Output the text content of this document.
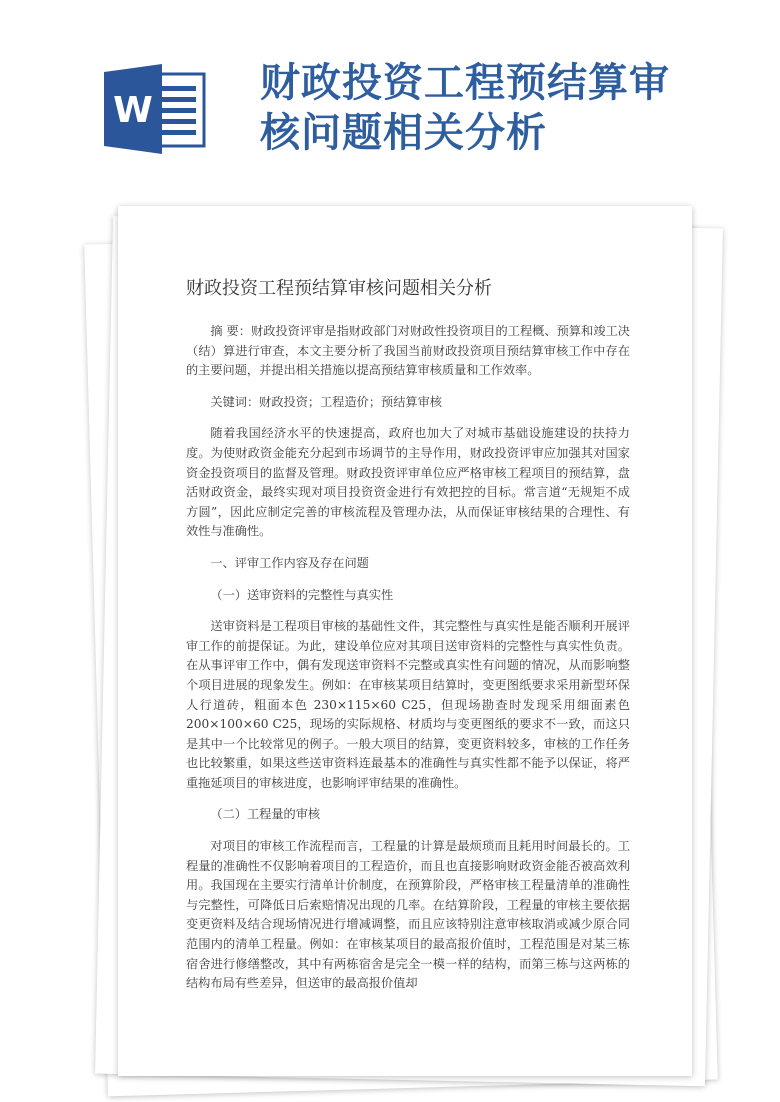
W
财政投资工程预结算审
核问题相关分析
财政投资工程预结算审核问题相关分析

摘 要：财政投资评审是指财政部门对财政性投资项目的工程概、预算和竣工决（结）算进行审查，本文主要分析了我国当前财政投资项目预结算审核工作中存在的主要问题，并提出相关措施以提高预结算审核质量和工作效率。

关键词：财政投资；工程造价；预结算审核

随着我国经济水平的快速提高，政府也加大了对城市基础设施建设的扶持力度。为使财政资金能充分起到市场调节的主导作用，财政投资评审应加强其对国家资金投资项目的监督及管理。财政投资评审单位应严格审核工程项目的预结算，盘活财政资金，最终实现对项目投资资金进行有效把控的目标。常言道“无规矩不成方圆”，因此应制定完善的审核流程及管理办法，从而保证审核结果的合理性、有效性与准确性。

一、评审工作内容及存在问题

（一）送审资料的完整性与真实性

送审资料是工程项目审核的基础性文件，其完整性与真实性是能否顺利开展评审工作的前提保证。为此，建设单位应对其项目送审资料的完整性与真实性负责。在从事评审工作中，偶有发现送审资料不完整或真实性有问题的情况，从而影响整个项目进展的现象发生。例如：在审核某项目结算时，变更图纸要求采用新型环保人行道砖，粗面本色 230×115×60 C25，但现场勘查时发现采用细面素色 200×100×60 C25，现场的实际规格、材质均与变更图纸的要求不一致，而这只是其中一个比较常见的例子。一般大项目的结算，变更资料较多，审核的工作任务也比较繁重，如果这些送审资料连最基本的准确性与真实性都不能予以保证，将严重拖延项目的审核进度，也影响评审结果的准确性。

（二）工程量的审核

对项目的审核工作流程而言，工程量的计算是最烦琐而且耗用时间最长的。工程量的准确性不仅影响着项目的工程造价，而且也直接影响财政资金能否被高效利用。我国现在主要实行清单计价制度，在预算阶段，严格审核工程量清单的准确性与完整性，可降低日后索赔情况出现的几率。在结算阶段，工程量的审核主要依据变更资料及结合现场情况进行增减调整，而且应该特别注意审核取消或减少原合同范围内的清单工程量。例如：在审核某项目的最高报价值时，工程范围是对某三栋宿舍进行修缮整改，其中有两栋宿舍是完全一模一样的结构，而第三栋与这两栋的结构布局有些差异，但送审的最高报价值却
